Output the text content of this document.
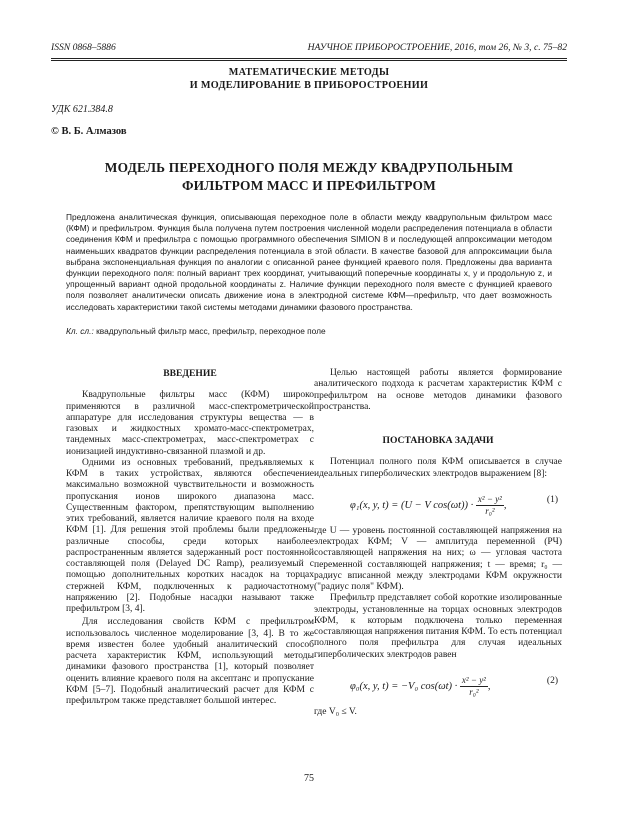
ISSN 0868–5886	НАУЧНОЕ ПРИБОРОСТРОЕНИЕ, 2016, том 26, № 3, с. 75–82
МАТЕМАТИЧЕСКИЕ МЕТОДЫ
И МОДЕЛИРОВАНИЕ В ПРИБОРОСТРОЕНИИ
УДК 621.384.8
© В. Б. Алмазов
МОДЕЛЬ ПЕРЕХОДНОГО ПОЛЯ МЕЖДУ КВАДРУПОЛЬНЫМ
ФИЛЬТРОМ МАСС И ПРЕФИЛЬТРОМ
Предложена аналитическая функция, описывающая переходное поле в области между квадрупольным фильтром масс (КФМ) и префильтром. Функция была получена путем построения численной модели распределения потенциала в области соединения КФМ и префильтра с помощью программного обеспечения SIMION 8 и последующей аппроксимации методом наименьших квадратов функции распределения потенциала в этой области. В качестве базовой для аппроксимации была выбрана экспоненциальная функция по аналогии с описанной ранее функцией краевого поля. Предложены два варианта функции переходного поля: полный вариант трех координат, учитывающий поперечные координаты x, y и продольную z, и упрощенный вариант одной продольной координаты z. Наличие функции переходного поля вместе с функцией краевого поля позволяет аналитически описать движение иона в электродной системе КФМ—префильтр, что дает возможность исследовать характеристики такой системы методами динамики фазового пространства.
Кл. сл.: квадрупольный фильтр масс, префильтр, переходное поле
ВВЕДЕНИЕ

Квадрупольные фильтры масс (КФМ) широко применяются в различной масс-спектрометрической аппаратуре для исследования структуры вещества — в газовых и жидкостных хромато-масс-спектрометрах, тандемных масс-спектрометрах, масс-спектрометрах с ионизацией индуктивно-связанной плазмой и др.

Одними из основных требований, предъявляемых к КФМ в таких устройствах, являются обеспечение максимально возможной чувствительности и возможность пропускания ионов широкого диапазона масс. Существенным фактором, препятствующим выполнению этих требований, является наличие краевого поля на входе КФМ [1]. Для решения этой проблемы были предложены различные способы, среди которых наиболее распространенным является задержанный рост постоянной составляющей поля (Delayed DC Ramp), реализуемый с помощью дополнительных коротких насадок на торцах стержней КФМ, подключенных к радиочастотному напряжению [2]. Подобные насадки называют также префильтром [3, 4].

Для исследования свойств КФМ с префильтром использовалось численное моделирование [3, 4]. В то же время известен более удобный аналитический способ расчета характеристик КФМ, использующий методы динамики фазового пространства [1], который позволяет оценить влияние краевого поля на аксептанс и пропускание КФМ [5–7]. Подобный аналитический расчет для КФМ с префильтром также представляет большой интерес.

Целью настоящей работы является формирование аналитического подхода к расчетам характеристик КФМ с префильтром на основе методов динамики фазового пространства.

ПОСТАНОВКА ЗАДАЧИ

Потенциал полного поля КФМ описывается в случае идеальных гиперболических электродов выражением [8]:

φ₁(x, y, t) = (U − V $\cos(\omega t)) \cdot \frac{\text{x² − y²}}{\text{r₀²}}$ ,	(1)

где U — уровень постоянной составляющей напряжения на электродах КФМ; V — амплитуда переменной (РЧ) составляющей напряжения на них; ω — угловая частота переменной составляющей напряжения; t — время; r₀ — радиус вписанной между электродами КФМ окружности ("радиус поля" КФМ).

Префильтр представляет собой короткие изолированные электроды, установленные на торцах основных электродов КФМ, к которым подключена только переменная составляющая напряжения питания КФМ. То есть потенциал полного поля префильтра для случая идеальных гиперболических электродов равен

φ₀(x, y, t) = −V₀ $\cos(\omega t) \cdot \frac{\text{x² − y²}}{\text{r₀²}}$ ,	(2)

где V₀ ≤ V.

75
